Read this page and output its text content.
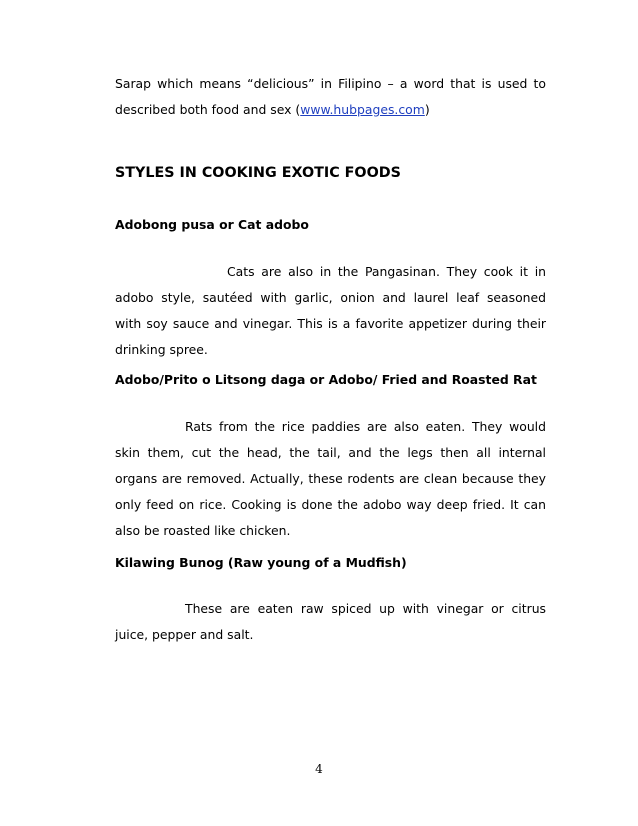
Sarap which means “delicious” in Filipino – a word that is used to
described both food and sex (www.hubpages.com)
STYLES IN COOKING EXOTIC FOODS
Adobong pusa or Cat adobo
Cats are also in the Pangasinan. They cook it in
adobo style, sautéed with garlic, onion and laurel leaf seasoned
with soy sauce and vinegar. This is a favorite appetizer during their
drinking spree.
Adobo/Prito o Litsong daga or Adobo/ Fried and Roasted Rat
Rats from the rice paddies are also eaten. They would
skin them, cut the head, the tail, and the legs then all internal
organs are removed. Actually, these rodents are clean because they
only feed on rice. Cooking is done the adobo way deep fried. It can
also be roasted like chicken.
Kilawing Bunog (Raw young of a Mudfish)
These are eaten raw spiced up with vinegar or citrus
juice, pepper and salt.
4
